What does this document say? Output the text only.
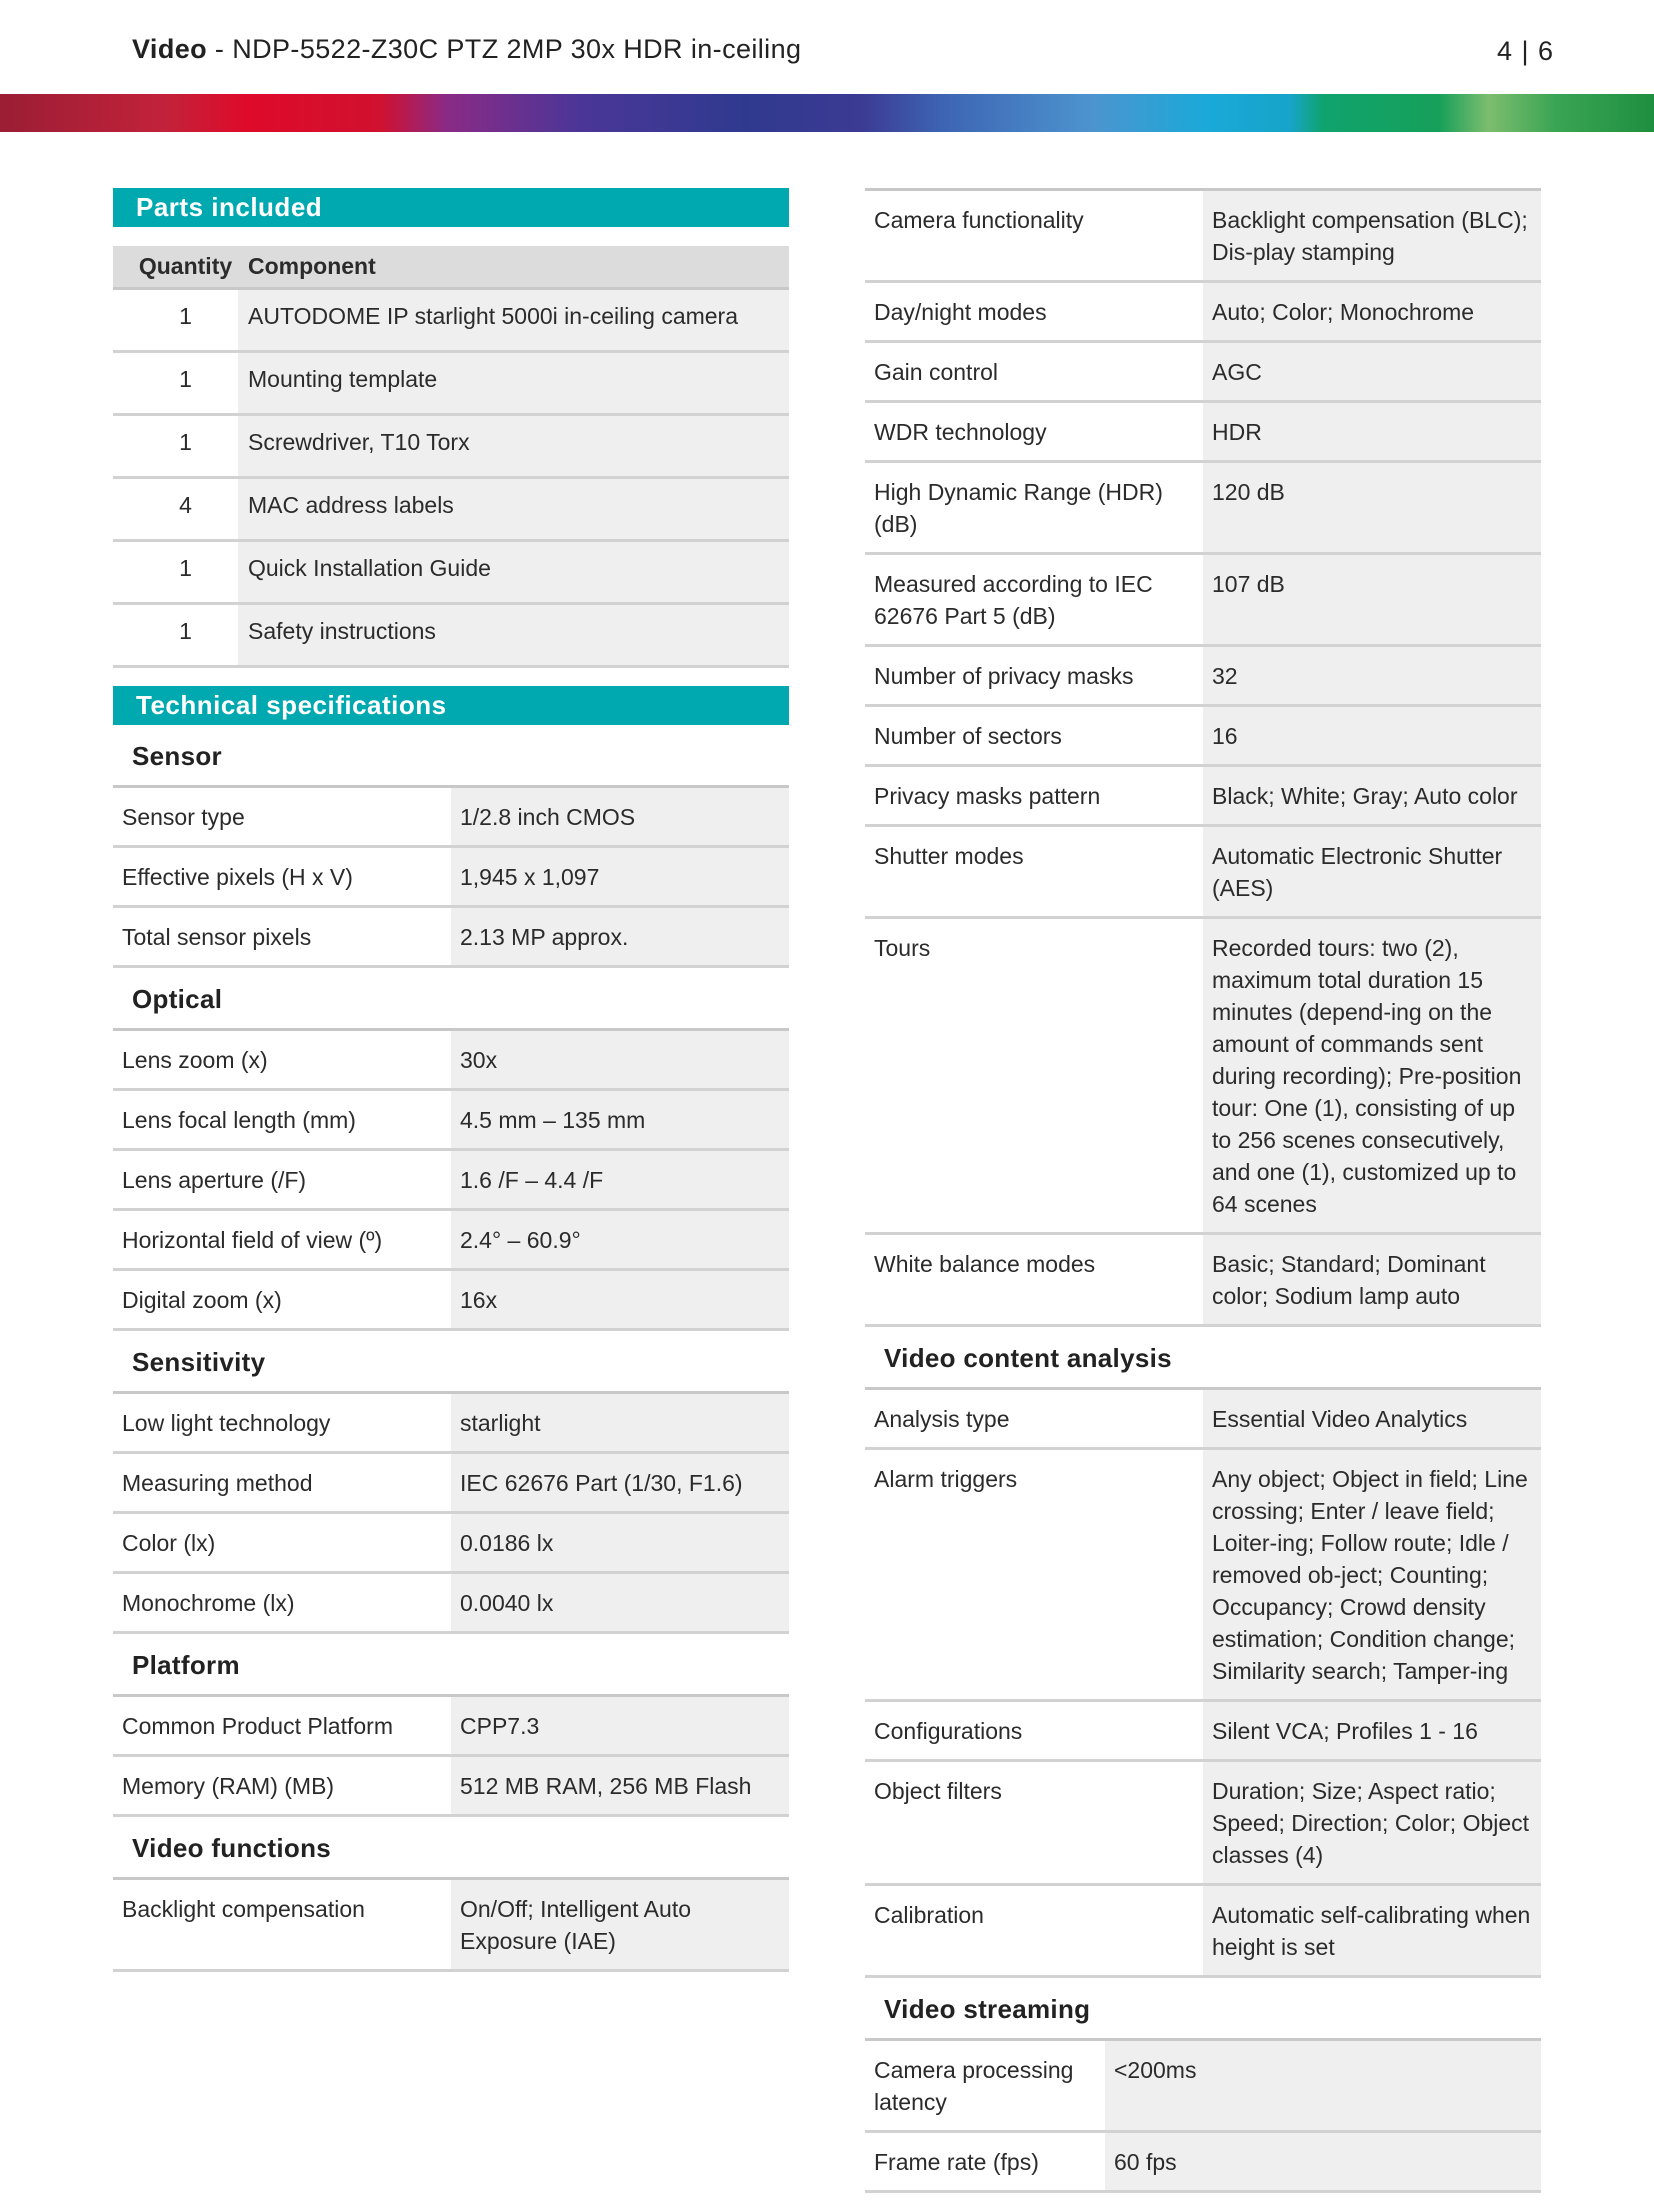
Video - NDP-5522-Z30C PTZ 2MP 30x HDR in-ceiling	4 | 6
Parts included
Quantity	Component
1	AUTODOME IP starlight 5000i in-ceiling camera
1	Mounting template
1	Screwdriver, T10 Torx
4	MAC address labels
1	Quick Installation Guide
1	Safety instructions
Technical specifications
Sensor
Sensor type	1/2.8 inch CMOS
Effective pixels (H x V)	1,945 x 1,097
Total sensor pixels	2.13 MP approx.
Optical
Lens zoom (x)	30x
Lens focal length (mm)	4.5 mm – 135 mm
Lens aperture (/F)	1.6 /F – 4.4 /F
Horizontal field of view (º)	2.4° – 60.9°
Digital zoom (x)	16x
Sensitivity
Low light technology	starlight
Measuring method	IEC 62676 Part (1/30, F1.6)
Color (lx)	0.0186 lx
Monochrome (lx)	0.0040 lx
Platform
Common Product Platform	CPP7.3
Memory (RAM) (MB)	512 MB RAM, 256 MB Flash
Video functions
Backlight compensation	On/Off; Intelligent Auto Exposure (IAE)
Camera functionality	Backlight compensation (BLC); Dis-play stamping
Day/night modes	Auto; Color; Monochrome
Gain control	AGC
WDR technology	HDR
High Dynamic Range (HDR) (dB)	120 dB
Measured according to IEC 62676 Part 5 (dB)	107 dB
Number of privacy masks	32
Number of sectors	16
Privacy masks pattern	Black; White; Gray; Auto color
Shutter modes	Automatic Electronic Shutter (AES)
Tours	Recorded tours: two (2), maximum total duration 15 minutes (depend-ing on the amount of commands sent during recording); Pre-position tour: One (1), consisting of up to 256 scenes consecutively, and one (1), customized up to 64 scenes
White balance modes	Basic; Standard; Dominant color; Sodium lamp auto
Video content analysis
Analysis type	Essential Video Analytics
Alarm triggers	Any object; Object in field; Line crossing; Enter / leave field; Loiter-ing; Follow route; Idle / removed ob-ject; Counting; Occupancy; Crowd density estimation; Condition change; Similarity search; Tamper-ing
Configurations	Silent VCA; Profiles 1 - 16
Object filters	Duration; Size; Aspect ratio; Speed; Direction; Color; Object classes (4)
Calibration	Automatic self-calibrating when height is set
Video streaming
Camera processing latency	<200ms
Frame rate (fps)	60 fps
